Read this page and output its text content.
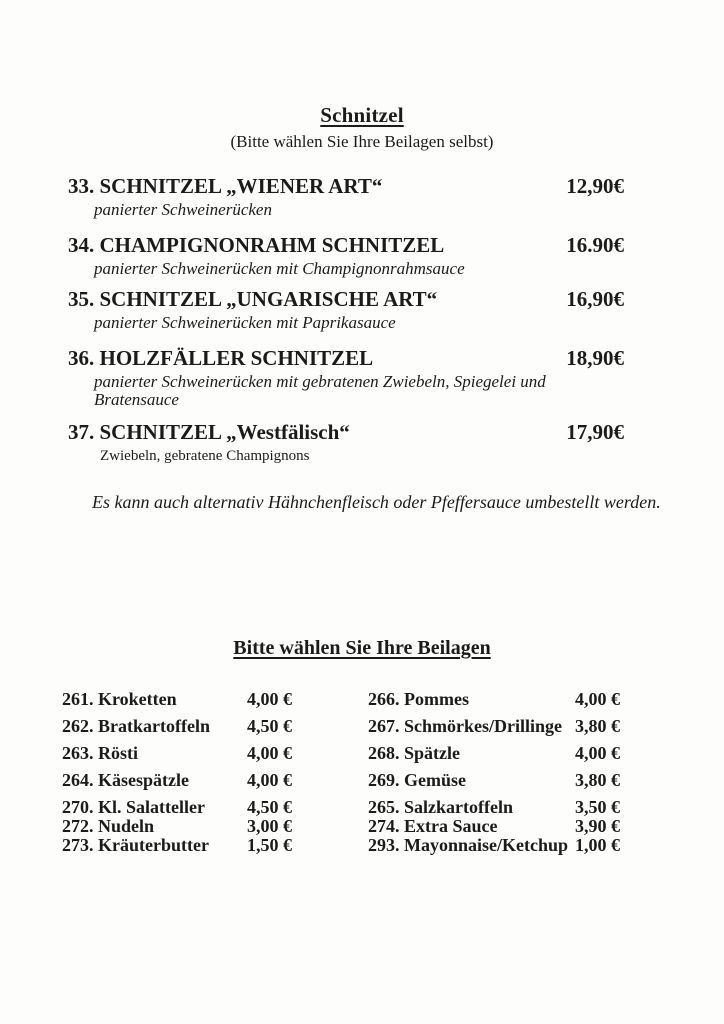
Schnitzel
(Bitte wählen Sie Ihre Beilagen selbst)
33. SCHNITZEL „WIENER ART“	12,90€
panierter Schweinerücken
34. CHAMPIGNONRAHM SCHNITZEL	16.90€
panierter Schweinerücken mit Champignonrahmsauce
35. SCHNITZEL „UNGARISCHE ART“	16,90€
panierter Schweinerücken mit Paprikasauce
36. HOLZFÄLLER SCHNITZEL	18,90€
panierter Schweinerücken mit gebratenen Zwiebeln, Spiegelei und
Bratensauce
37. SCHNITZEL „Westfälisch“	17,90€
Zwiebeln, gebratene Champignons
Es kann auch alternativ Hähnchenfleisch oder Pfeffersauce umbestellt werden.
Bitte wählen Sie Ihre Beilagen
261. Kroketten	4,00 €
262. Bratkartoffeln 4,50 €
263. Rösti	4,00 €
264. Käsespätzle	4,00 €
270. Kl. Salatteller 4,50 €
272. Nudeln	3,00 €
273. Kräuterbutter 1,50 €
266. Pommes	4,00 €
267. Schmörkes/Drillinge 3,80 €
268. Spätzle	4,00 €
269. Gemüse	3,80 €
265. Salzkartoffeln	3,50 €
274. Extra Sauce	3,90 €
293. Mayonnaise/Ketchup 1,00 €
